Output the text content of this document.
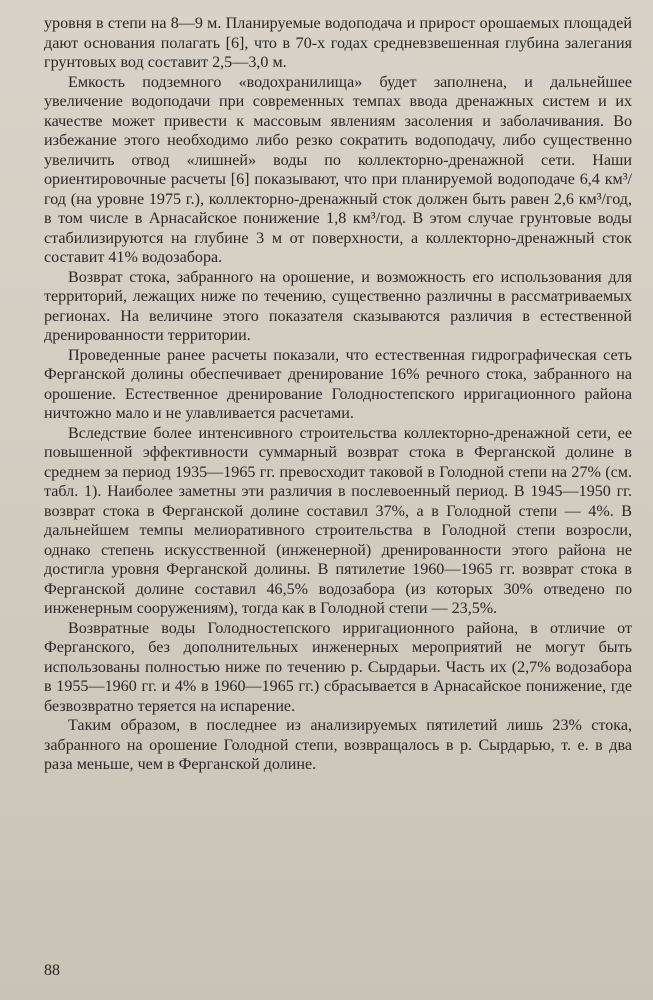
уровня в степи на 8—9 м. Планируемые водоподача и прирост орошаемых площадей дают основания полагать [6], что в 70-х годах средневзвешенная глубина залегания грунтовых вод составит 2,5—3,0 м.

Емкость подземного «водохранилища» будет заполнена, и дальнейшее увеличение водоподачи при современных темпах ввода дренажных систем и их качестве может привести к массовым явлениям засоления и заболачивания. Во избежание этого необходимо либо резко сократить водоподачу, либо существенно увеличить отвод «лишней» воды по коллекторно-дренажной сети. Наши ориентировочные расчеты [6] показывают, что при планируемой водоподаче 6,4 км³/год (на уровне 1975 г.), коллекторно-дренажный сток должен быть равен 2,6 км³/год, в том числе в Арнасайское понижение 1,8 км³/год. В этом случае грунтовые воды стабилизируются на глубине 3 м от поверхности, а коллекторно-дренажный сток составит 41% водозабора.

Возврат стока, забранного на орошение, и возможность его использования для территорий, лежащих ниже по течению, существенно различны в рассматриваемых регионах. На величине этого показателя сказываются различия в естественной дренированности территории.

Проведенные ранее расчеты показали, что естественная гидрографическая сеть Ферганской долины обеспечивает дренирование 16% речного стока, забранного на орошение. Естественное дренирование Голодностепского ирригационного района ничтожно мало и не улавливается расчетами.

Вследствие более интенсивного строительства коллекторно-дренажной сети, ее повышенной эффективности суммарный возврат стока в Ферганской долине в среднем за период 1935—1965 гг. превосходит таковой в Голодной степи на 27% (см. табл. 1). Наиболее заметны эти различия в послевоенный период. В 1945—1950 гг. возврат стока в Ферганской долине составил 37%, а в Голодной степи — 4%. В дальнейшем темпы мелиоративного строительства в Голодной степи возросли, однако степень искусственной (инженерной) дренированности этого района не достигла уровня Ферганской долины. В пятилетие 1960—1965 гг. возврат стока в Ферганской долине составил 46,5% водозабора (из которых 30% отведено по инженерным сооружениям), тогда как в Голодной степи — 23,5%.

Возвратные воды Голодностепского ирригационного района, в отличие от Ферганского, без дополнительных инженерных мероприятий не могут быть использованы полностью ниже по течению р. Сырдарьи. Часть их (2,7% водозабора в 1955—1960 гг. и 4% в 1960—1965 гг.) сбрасывается в Арнасайское понижение, где безвозвратно теряется на испарение.

Таким образом, в последнее из анализируемых пятилетий лишь 23% стока, забранного на орошение Голодной степи, возвращалось в р. Сырдарью, т. е. в два раза меньше, чем в Ферганской долине.

88
